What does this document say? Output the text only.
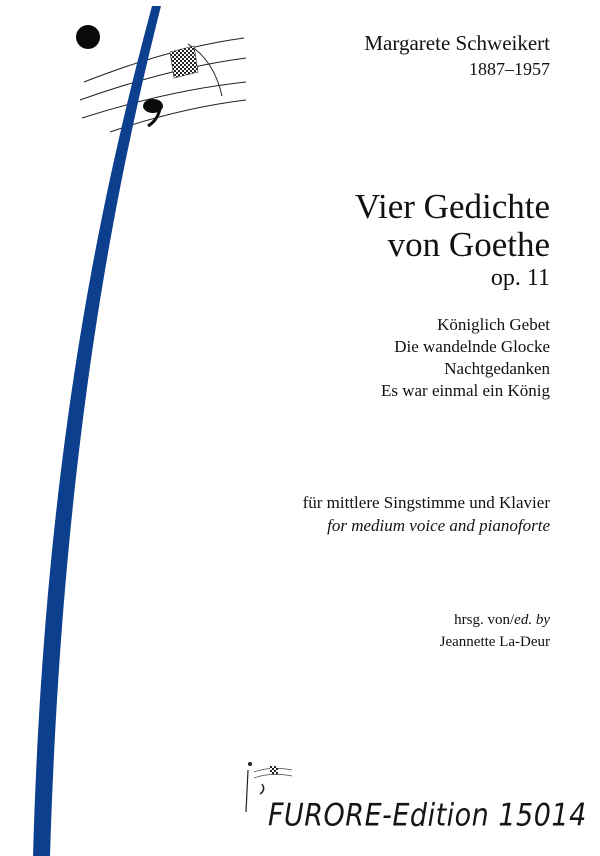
Margarete Schweikert

1887–1957

Vier Gedichte
von Goethe

op. 11

Königlich Gebet
Die wandelnde Glocke
Nachtgedanken
Es war einmal ein König

für mittlere Singstimme und Klavier

for medium voice and pianoforte

hrsg. von/ed. by

Jeannette La-Deur

FURORE-Edition 15014
